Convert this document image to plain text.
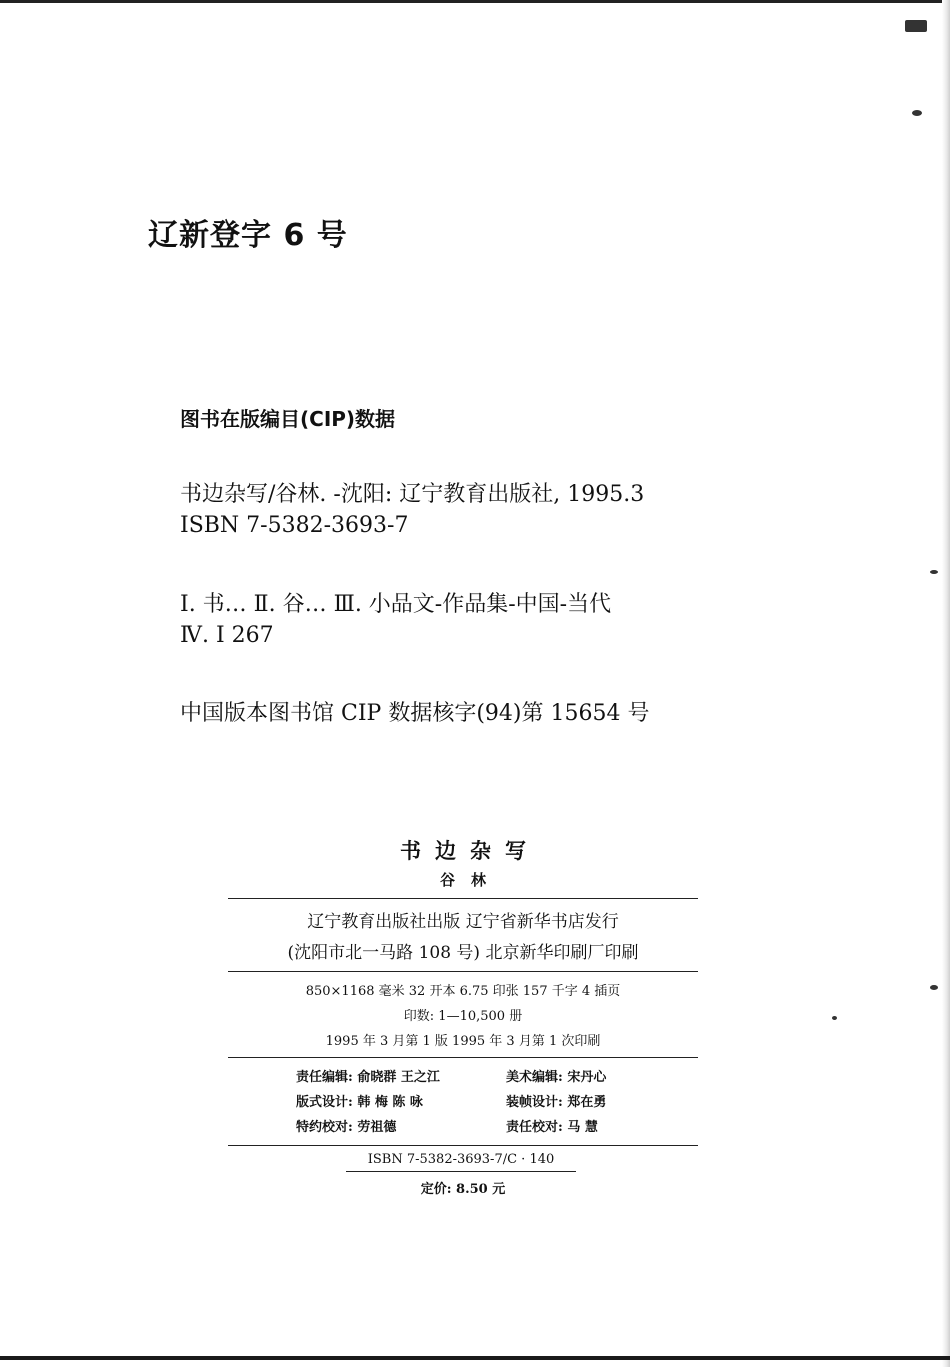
辽新登字 6 号
图书在版编目(CIP)数据
书边杂写/谷林. -沈阳: 辽宁教育出版社, 1995.3
ISBN 7-5382-3693-7
Ⅰ. 书… Ⅱ. 谷… Ⅲ. 小品文-作品集-中国-当代
Ⅳ. I 267
中国版本图书馆 CIP 数据核字(94)第 15654 号
书边杂写
谷林
辽宁教育出版社出版 辽宁省新华书店发行
(沈阳市北一马路 108 号) 北京新华印刷厂印刷
850×1168 毫米 32 开本 6.75 印张 157 千字 4 插页
印数: 1—10,500 册
1995 年 3 月第 1 版 1995 年 3 月第 1 次印刷
责任编辑: 俞晓群 王之江	美术编辑: 宋丹心
版式设计: 韩 梅 陈 咏	装帧设计: 郑在勇
特约校对: 劳祖德	责任校对: 马 慧
ISBN 7-5382-3693-7/C · 140
定价: 8.50 元
